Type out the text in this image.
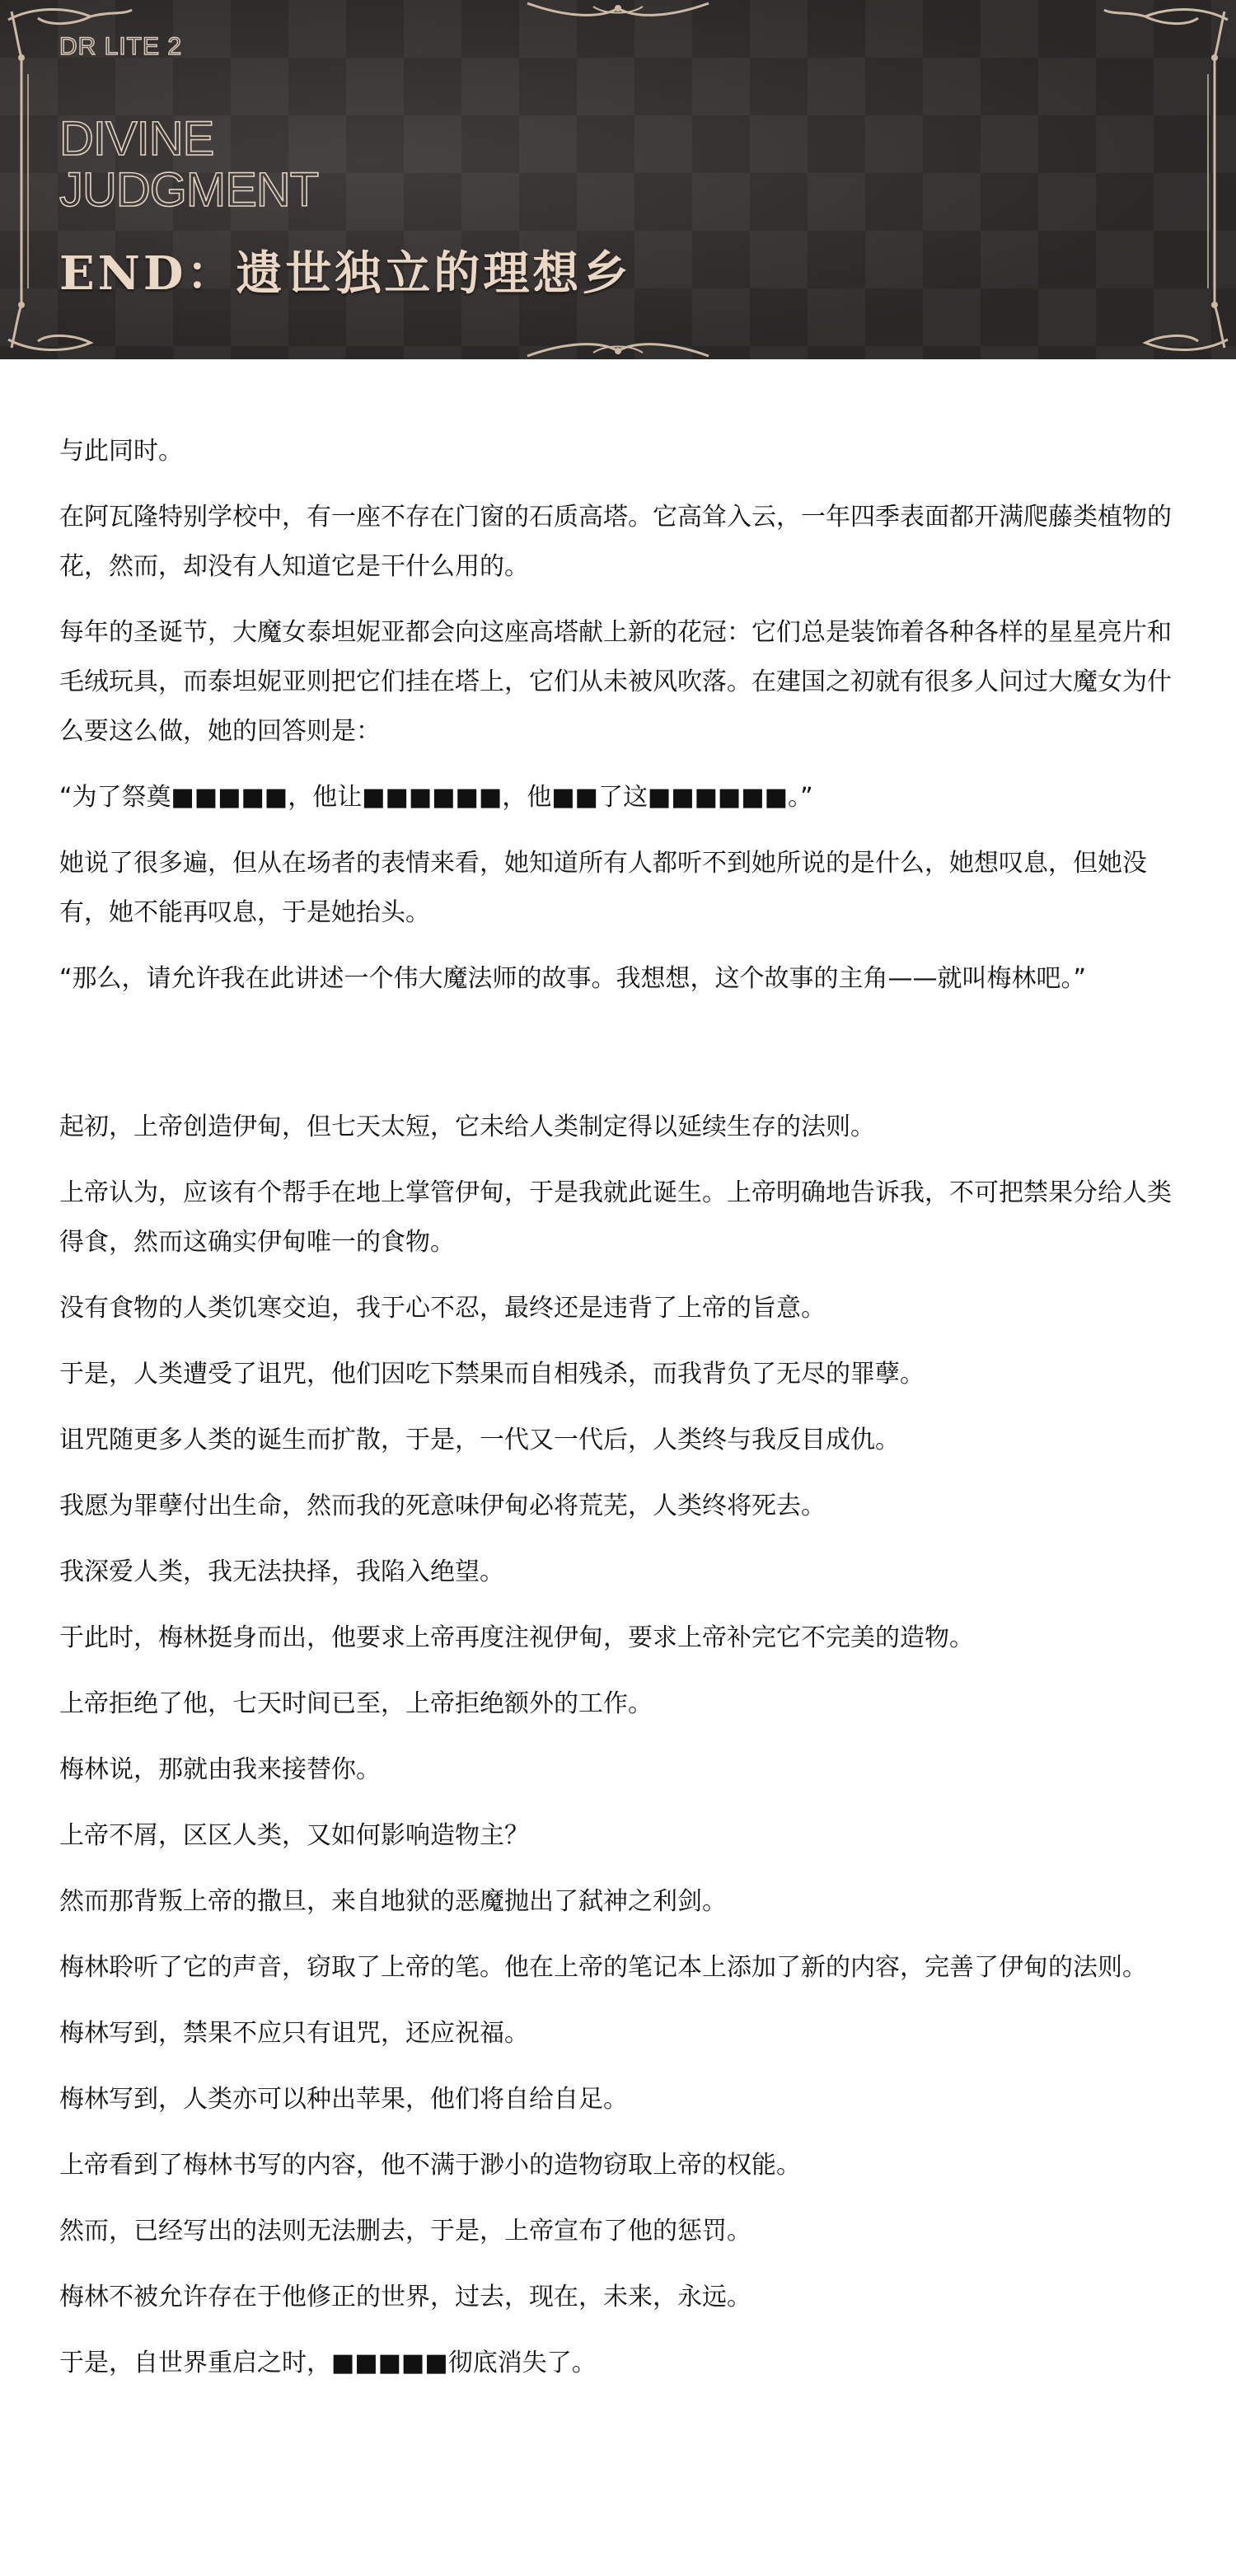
DR LITE 2
DIVINE
JUDGMENT
END：遗世独立的理想乡

与此同时。

在阿瓦隆特别学校中，有一座不存在门窗的石质高塔。它高耸入云，一年四季表面都开满爬藤类植物的花，然而，却没有人知道它是干什么用的。

每年的圣诞节，大魔女泰坦妮亚都会向这座高塔献上新的花冠：它们总是装饰着各种各样的星星亮片和毛绒玩具，而泰坦妮亚则把它们挂在塔上，它们从未被风吹落。在建国之初就有很多人问过大魔女为什么要这么做，她的回答则是：

“为了祭奠■■■■■，他让■■■■■■，他■■了这■■■■■■。”

她说了很多遍，但从在场者的表情来看，她知道所有人都听不到她所说的是什么，她想叹息，但她没有，她不能再叹息，于是她抬头。

“那么，请允许我在此讲述一个伟大魔法师的故事。我想想，这个故事的主角——就叫梅林吧。”

起初，上帝创造伊甸，但七天太短，它未给人类制定得以延续生存的法则。

上帝认为，应该有个帮手在地上掌管伊甸，于是我就此诞生。上帝明确地告诉我，不可把禁果分给人类得食，然而这确实伊甸唯一的食物。

没有食物的人类饥寒交迫，我于心不忍，最终还是违背了上帝的旨意。

于是，人类遭受了诅咒，他们因吃下禁果而自相残杀，而我背负了无尽的罪孽。

诅咒随更多人类的诞生而扩散，于是，一代又一代后，人类终与我反目成仇。

我愿为罪孽付出生命，然而我的死意味伊甸必将荒芜，人类终将死去。

我深爱人类，我无法抉择，我陷入绝望。

于此时，梅林挺身而出，他要求上帝再度注视伊甸，要求上帝补完它不完美的造物。

上帝拒绝了他，七天时间已至，上帝拒绝额外的工作。

梅林说，那就由我来接替你。

上帝不屑，区区人类，又如何影响造物主？

然而那背叛上帝的撒旦，来自地狱的恶魔抛出了弑神之利剑。

梅林聆听了它的声音，窃取了上帝的笔。他在上帝的笔记本上添加了新的内容，完善了伊甸的法则。

梅林写到，禁果不应只有诅咒，还应祝福。

梅林写到，人类亦可以种出苹果，他们将自给自足。

上帝看到了梅林书写的内容，他不满于渺小的造物窃取上帝的权能。

然而，已经写出的法则无法删去，于是，上帝宣布了他的惩罚。

梅林不被允许存在于他修正的世界，过去，现在，未来，永远。

于是，自世界重启之时，■■■■■彻底消失了。
